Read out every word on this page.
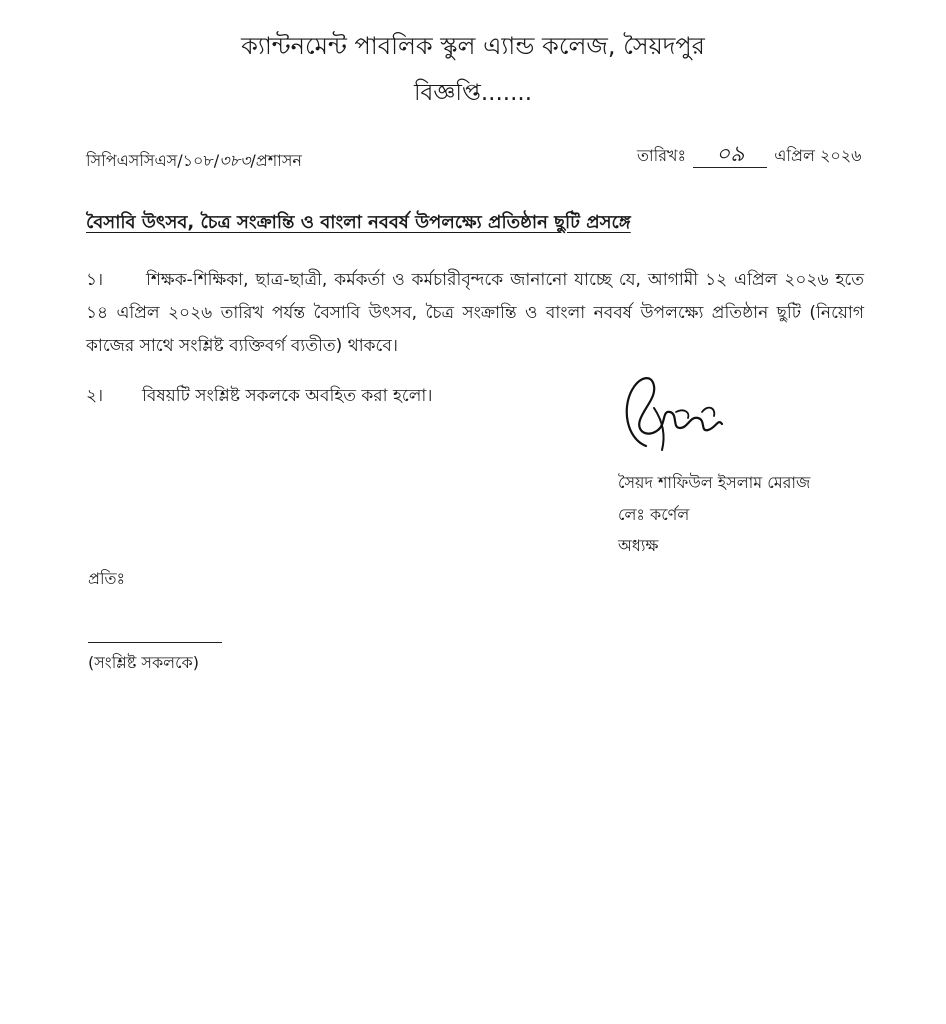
ক্যান্টনমেন্ট পাবলিক স্কুল এ্যান্ড কলেজ, সৈয়দপুর
বিজ্ঞপ্তি.......
সিপিএসসিএস/১০৮/৩৮৩/প্রশাসন	তারিখঃ ০৯ এপ্রিল ২০২৬
বৈসাবি উৎসব, চৈত্র সংক্রান্তি ও বাংলা নববর্ষ উপলক্ষ্যে প্রতিষ্ঠান ছুটি প্রসঙ্গে
১।	শিক্ষক-শিক্ষিকা, ছাত্র-ছাত্রী, কর্মকর্তা ও কর্মচারীবৃন্দকে জানানো যাচ্ছে যে, আগামী ১২ এপ্রিল ২০২৬ হতে ১৪ এপ্রিল ২০২৬ তারিখ পর্যন্ত বৈসাবি উৎসব, চৈত্র সংক্রান্তি ও বাংলা নববর্ষ উপলক্ষ্যে প্রতিষ্ঠান ছুটি (নিয়োগ কাজের সাথে সংশ্লিষ্ট ব্যক্তিবর্গ ব্যতীত) থাকবে।
২। বিষয়টি সংশ্লিষ্ট সকলকে অবহিত করা হলো।
সৈয়দ শাফিউল ইসলাম মেরাজ
লেঃ কর্ণেল
অধ্যক্ষ
প্রতিঃ
(সংশ্লিষ্ট সকলকে)
